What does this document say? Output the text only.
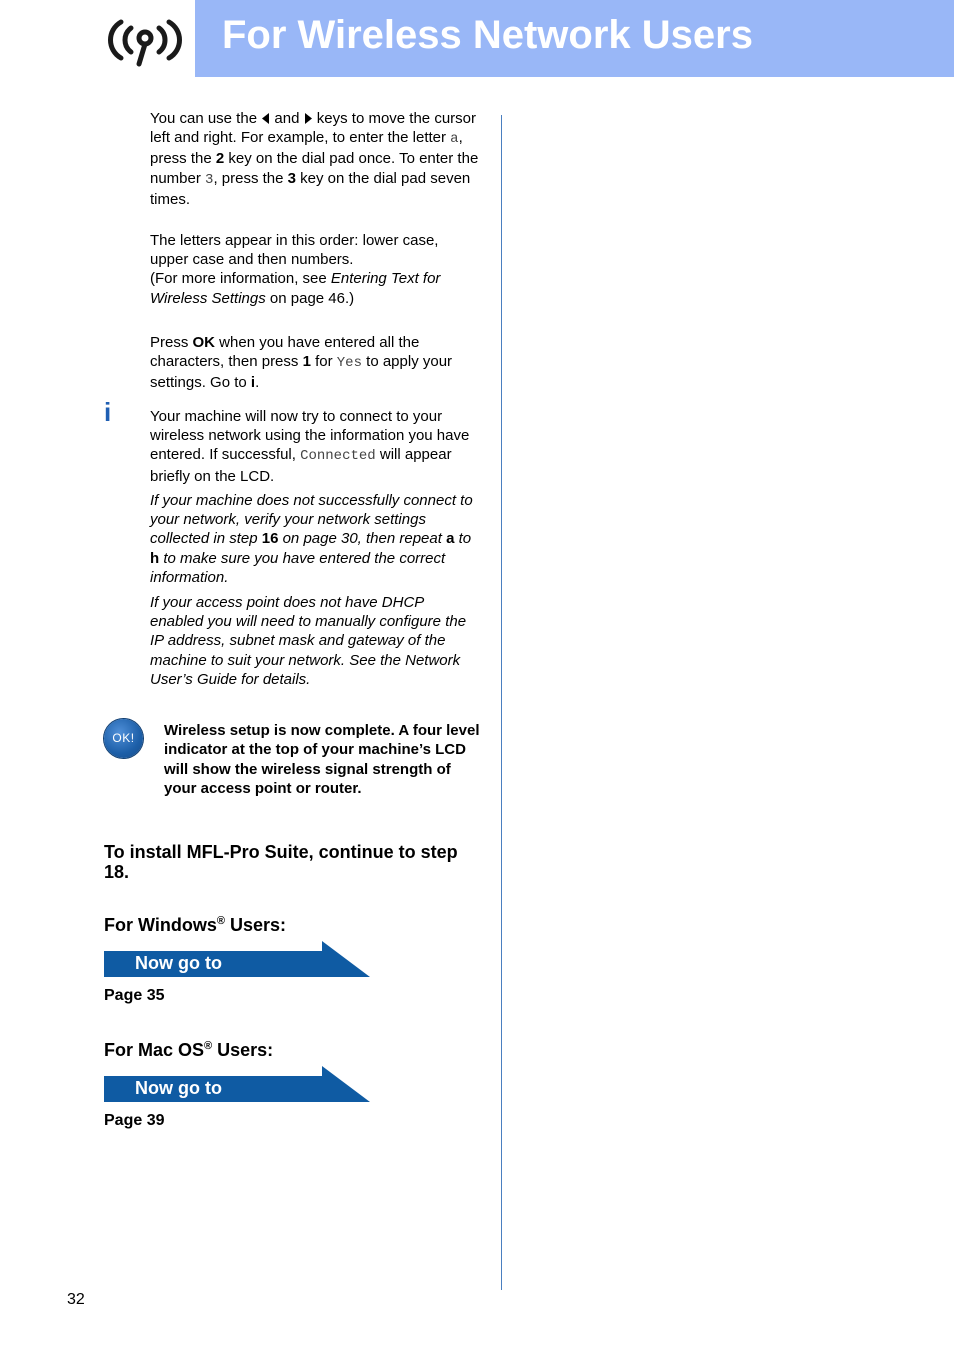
For Wireless Network Users

You can use the  and  keys to move the cursor left and right. For example, to enter the letter a, press the 2 key on the dial pad once. To enter the number 3, press the 3 key on the dial pad seven times.

The letters appear in this order: lower case, upper case and then numbers.

(For more information, see Entering Text for Wireless Settings on page 46.)

Press OK when you have entered all the characters, then press 1 for Yes to apply your settings. Go to i.

i	Your machine will now try to connect to your wireless network using the information you have entered. If successful, Connected will appear briefly on the LCD.

If your machine does not successfully connect to your network, verify your network settings collected in step 16 on page 30, then repeat a to h to make sure you have entered the correct information.

If your access point does not have DHCP enabled you will need to manually configure the IP address, subnet mask and gateway of the machine to suit your network. See the Network User’s Guide for details.

OK!	Wireless setup is now complete. A four level indicator at the top of your machine’s LCD will show the wireless signal strength of your access point or router.

To install MFL-Pro Suite, continue to step 18.

For Windows® Users:

Now go to

Page 35

For Mac OS® Users:

Now go to

Page 39

32
